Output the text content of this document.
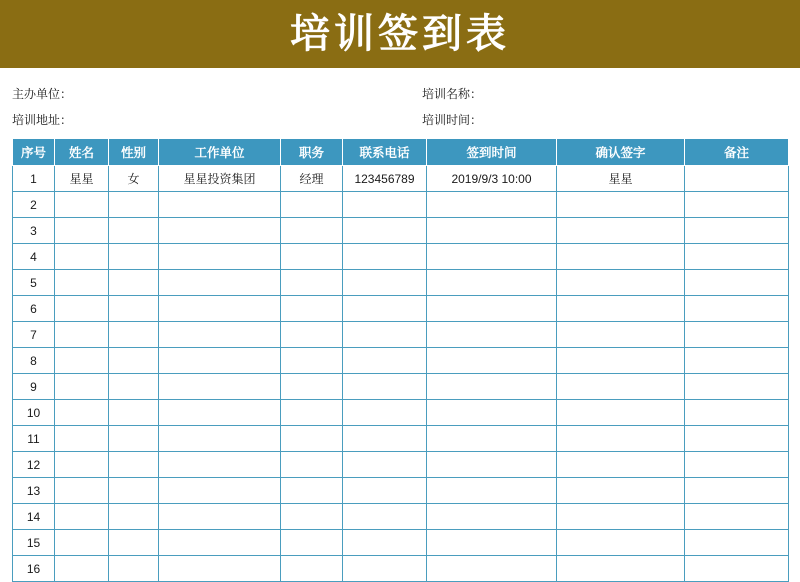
培训签到表
主办单位：	培训名称：
培训地址：	培训时间：
序号	姓名	性别	工作单位	职务	联系电话	签到时间	确认签字	备注
1	星星	女	星星投资集团	经理	123456789	2019/9/3 10:00	星星	
2								
3								
4								
5								
6								
7								
8								
9								
10								
11								
12								
13								
14								
15								
16								
